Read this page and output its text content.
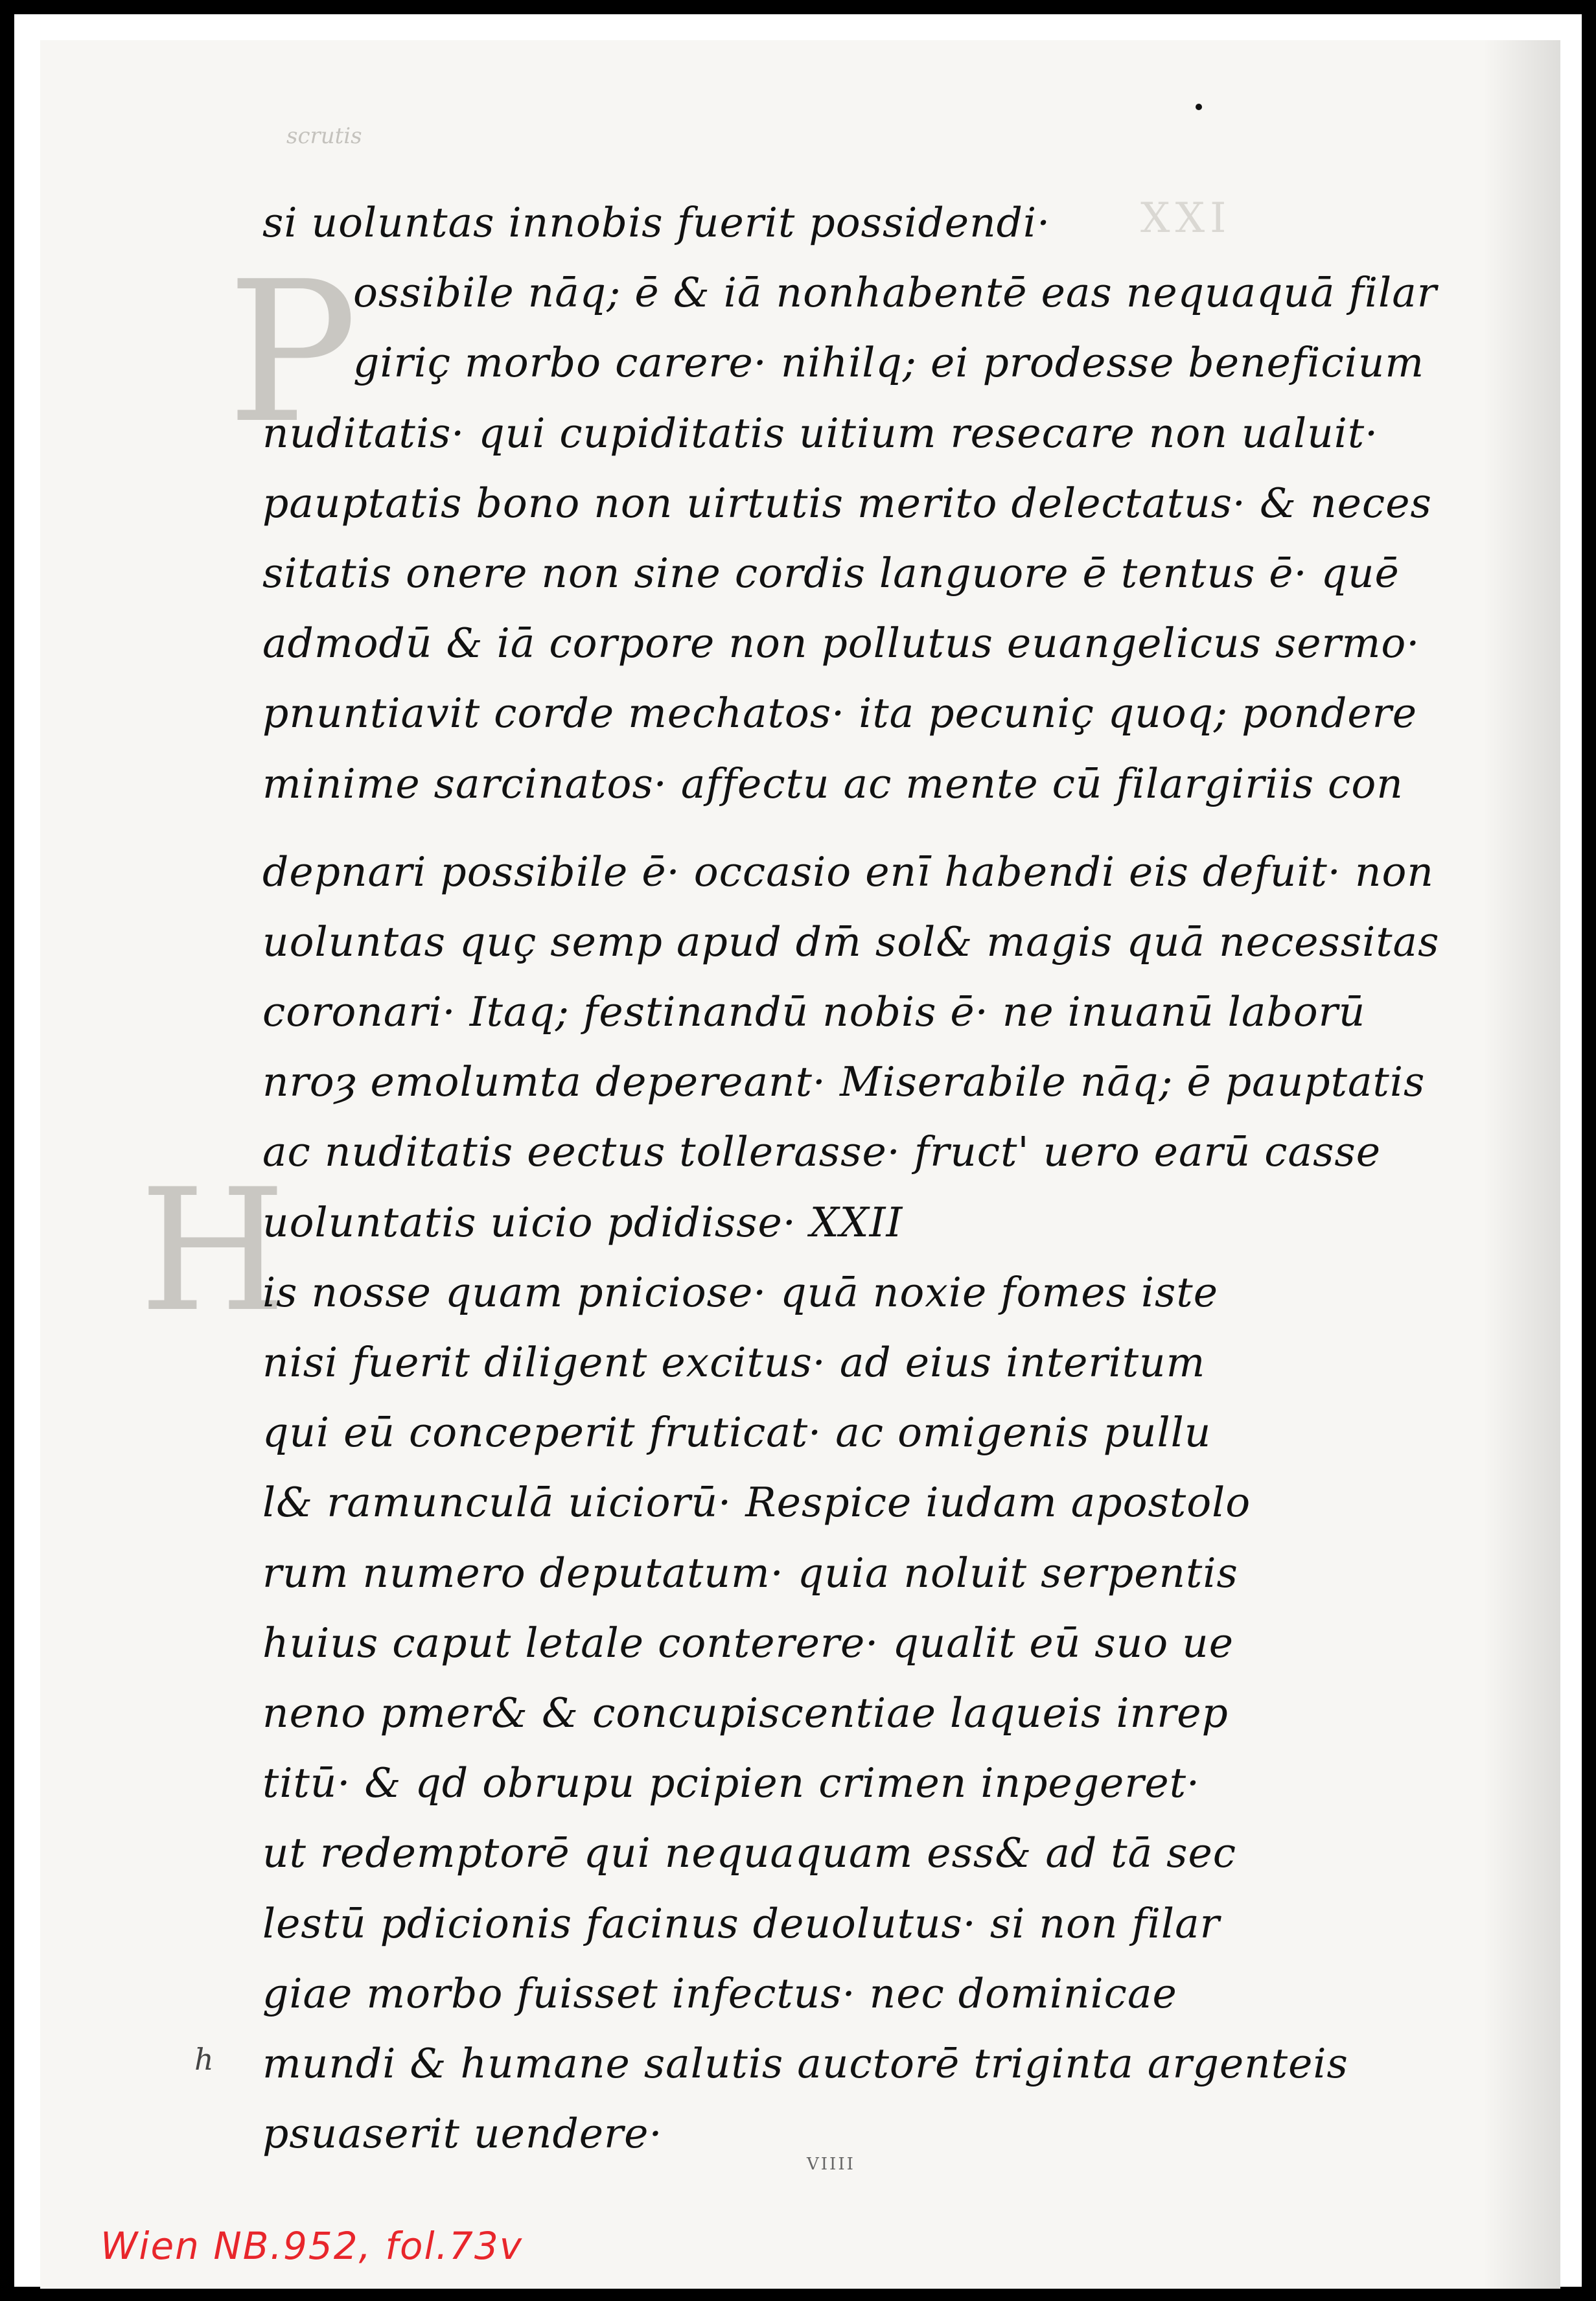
scrutis
XXI
P
H
si uoluntas innobis fuerit possidendi·
ossibile nāq; ē & iā nonhabentē eas nequaquā filar
giriç morbo carere· nihilq; ei prodesse beneficium
nuditatis· qui cupiditatis uitium resecare non ualuit·
pauptatis bono non uirtutis merito delectatus· & neces
sitatis onere non sine cordis languore ē tentus ē· quē
admodū & iā corpore non pollutus euangelicus sermo·
pnuntiavit corde mechatos· ita pecuniç quoq; pondere
minime sarcinatos· affectu ac mente cū filargiriis con
depnari possibile ē· occasio enī habendi eis defuit· non
uoluntas quç semp apud dm̄ sol& magis quā necessitas
coronari· Itaq; festinandū nobis ē· ne inuanū laborū
nroȝ emolumta depereant· Miserabile nāq; ē pauptatis
ac nuditatis eectus tollerasse· fruct' uero earū casse
uoluntatis uicio pdidisse· XXII
is nosse quam pniciose· quā noxie fomes iste
nisi fuerit diligent excitus· ad eius interitum
qui eū conceperit fruticat· ac omigenis pullu
l& ramunculā uiciorū· Respice iudam apostolo
rum numero deputatum· quia noluit serpentis
huius caput letale conterere· qualit eū suo ue
neno pmer& & concupiscentiae laqueis inrep
titū· & qd obrupu pcipien crimen inpegeret·
ut redemptorē qui nequaquam ess& ad tā sec
lestū pdicionis facinus deuolutus· si non filar
giae morbo fuisset infectus· nec dominicae
mundi & humane salutis auctorē triginta argenteis
psuaserit uendere·
h
VIIII
Wien NB.952, fol.73v
